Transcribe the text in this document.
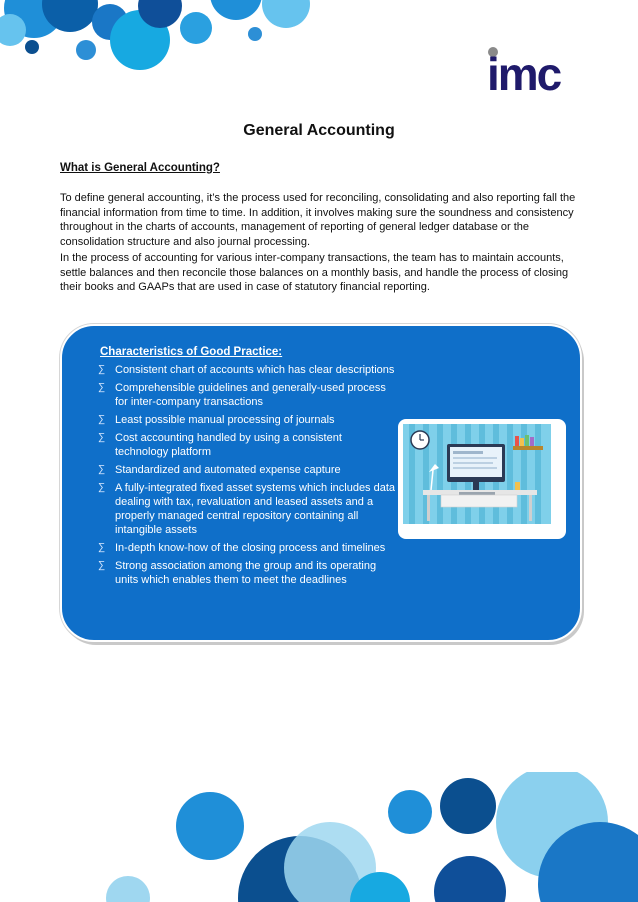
imc
General Accounting
What is General Accounting?

To define general accounting, it’s the process used for reconciling, consolidating and also reporting fall the financial information from time to time. In addition, it involves making sure the soundness and consistency throughout in the charts of accounts, management of reporting of general ledger database or the consolidation structure and also journal processing.

In the process of accounting for various inter-company transactions, the team has to maintain accounts, settle balances and then reconcile those balances on a monthly basis, and handle the process of closing their books and GAAPs that are used in case of statutory financial reporting.

Characteristics of Good Practice:
∑ Consistent chart of accounts which has clear descriptions
∑ Comprehensible guidelines and generally-used process for inter-company transactions
∑ Least possible manual processing of journals
∑ Cost accounting handled by using a consistent technology platform
∑ Standardized and automated expense capture
∑ A fully-integrated fixed asset systems which includes data dealing with tax, revaluation and leased assets and a properly managed central repository containing all intangible assets
∑ In-depth know-how of the closing process and timelines
∑ Strong association among the group and its operating units which enables them to meet the deadlines
